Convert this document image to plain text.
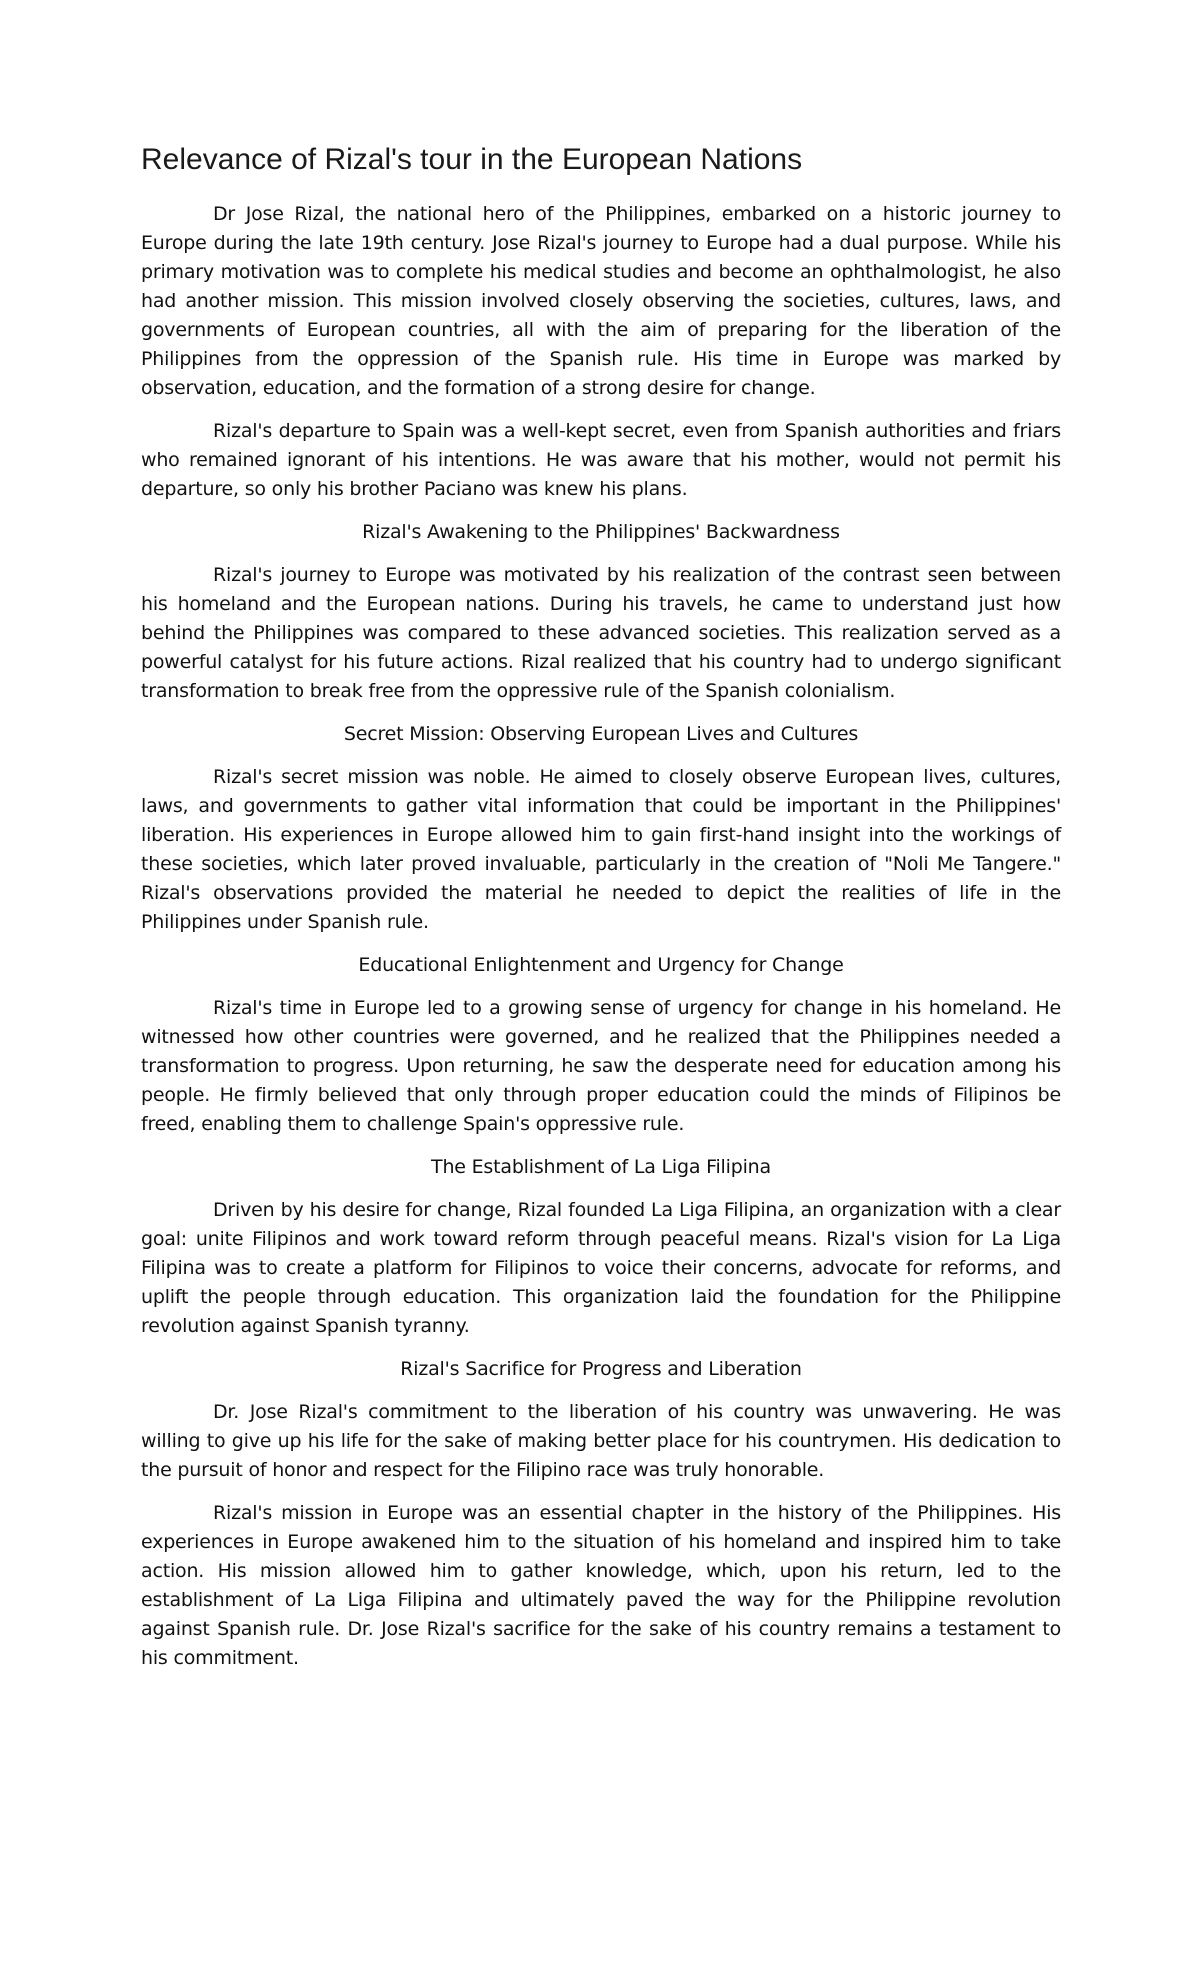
Relevance of Rizal's tour in the European Nations

Dr Jose Rizal, the national hero of the Philippines, embarked on a historic journey to Europe during the late 19th century. Jose Rizal's journey to Europe had a dual purpose. While his primary motivation was to complete his medical studies and become an ophthalmologist, he also had another mission. This mission involved closely observing the societies, cultures, laws, and governments of European countries, all with the aim of preparing for the liberation of the Philippines from the oppression of the Spanish rule. His time in Europe was marked by observation, education, and the formation of a strong desire for change.

Rizal's departure to Spain was a well-kept secret, even from Spanish authorities and friars who remained ignorant of his intentions. He was aware that his mother, would not permit his departure, so only his brother Paciano was knew his plans.

Rizal's Awakening to the Philippines' Backwardness

Rizal's journey to Europe was motivated by his realization of the contrast seen between his homeland and the European nations. During his travels, he came to understand just how behind the Philippines was compared to these advanced societies. This realization served as a powerful catalyst for his future actions. Rizal realized that his country had to undergo significant transformation to break free from the oppressive rule of the Spanish colonialism.

Secret Mission: Observing European Lives and Cultures

Rizal's secret mission was noble. He aimed to closely observe European lives, cultures, laws, and governments to gather vital information that could be important in the Philippines' liberation. His experiences in Europe allowed him to gain first-hand insight into the workings of these societies, which later proved invaluable, particularly in the creation of "Noli Me Tangere." Rizal's observations provided the material he needed to depict the realities of life in the Philippines under Spanish rule.

Educational Enlightenment and Urgency for Change

Rizal's time in Europe led to a growing sense of urgency for change in his homeland. He witnessed how other countries were governed, and he realized that the Philippines needed a transformation to progress. Upon returning, he saw the desperate need for education among his people. He firmly believed that only through proper education could the minds of Filipinos be freed, enabling them to challenge Spain's oppressive rule.

The Establishment of La Liga Filipina

Driven by his desire for change, Rizal founded La Liga Filipina, an organization with a clear goal: unite Filipinos and work toward reform through peaceful means. Rizal's vision for La Liga Filipina was to create a platform for Filipinos to voice their concerns, advocate for reforms, and uplift the people through education. This organization laid the foundation for the Philippine revolution against Spanish tyranny.

Rizal's Sacrifice for Progress and Liberation

Dr. Jose Rizal's commitment to the liberation of his country was unwavering. He was willing to give up his life for the sake of making better place for his countrymen. His dedication to the pursuit of honor and respect for the Filipino race was truly honorable.

Rizal's mission in Europe was an essential chapter in the history of the Philippines. His experiences in Europe awakened him to the situation of his homeland and inspired him to take action. His mission allowed him to gather knowledge, which, upon his return, led to the establishment of La Liga Filipina and ultimately paved the way for the Philippine revolution against Spanish rule. Dr. Jose Rizal's sacrifice for the sake of his country remains a testament to his commitment.
